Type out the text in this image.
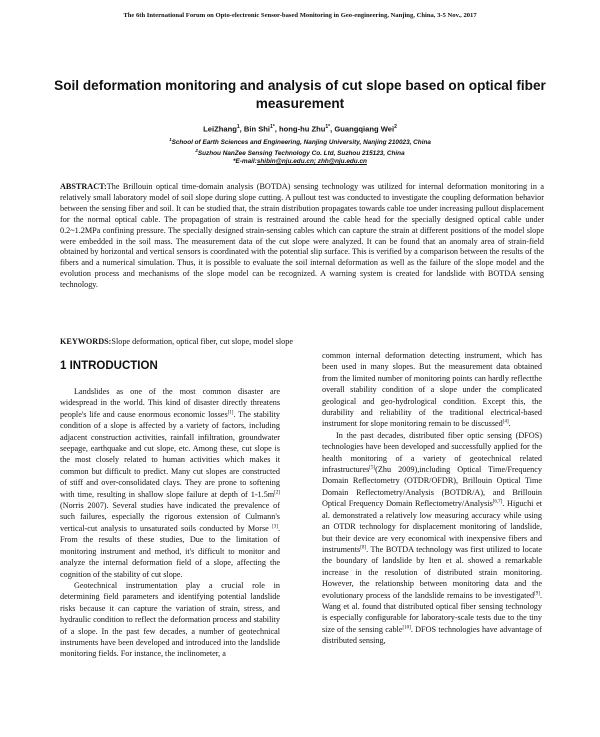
The 6th International Forum on Opto-electronic Sensor-based Monitoring in Geo-engineering, Nanjing, China, 3-5 Nov., 2017
Soil deformation monitoring and analysis of cut slope based on optical fiber measurement
LeiZhang$^1$, Bin Shi$^{1*}$, hong-hu Zhu$^{1*}$, Guangqiang Wei$^2$
$^1$School of Earth Sciences and Engineering, Nanjing University, Nanjing 210023, China
$^2$Suzhou NanZee Sensing Technology Co. Ltd, Suzhou 215123, China
*E-mail:shibin@nju.edu.cn; zhh@nju.edu.cn

ABSTRACT:The Brillouin optical time-domain analysis (BOTDA) sensing technology was utilized for internal deformation monitoring in a relatively small laboratory model of soil slope during slope cutting. A pullout test was conducted to investigate the coupling deformation behavior between the sensing fiber and soil. It can be studied that, the strain distribution propagates towards cable toe under increasing pullout displacement for the normal optical cable. The propagation of strain is restrained around the cable head for the specially designed optical cable under 0.2~1.2MPa confining pressure. The specially designed strain-sensing cables which can capture the strain at different positions of the model slope were embedded in the soil mass. The measurement data of the cut slope were analyzed. It can be found that an anomaly area of strain-field obtained by horizontal and vertical sensors is coordinated with the potential slip surface. This is verified by a comparison between the results of the fibers and a numerical simulation. Thus, it is possible to evaluate the soil internal deformation as well as the failure of the slope model and the evolution process and mechanisms of the slope model can be recognized. A warning system is created for landslide with BOTDA sensing technology.

KEYWORDS:Slope deformation, optical fiber, cut slope, model slope

1 INTRODUCTION

Landslides as one of the most common disaster are widespread in the world. This kind of disaster directly threatens people's life and cause enormous economic losses[1]. The stability condition of a slope is affected by a variety of factors, including adjacent construction activities, rainfall infiltration, groundwater seepage, earthquake and cut slope, etc. Among these, cut slope is the most closely related to human activities which makes it common but difficult to predict. Many cut slopes are constructed of stiff and over-consolidated clays. They are prone to softening with time, resulting in shallow slope failure at depth of 1-1.5m[2] (Norris 2007). Several studies have indicated the prevalence of such failures, especially the rigorous extension of Culmann's vertical-cut analysis to unsaturated soils conducted by Morse [3]. From the results of these studies, Due to the limitation of monitoring instrument and method, it's difficult to monitor and analyze the internal deformation field of a slope, affecting the cognition of the stability of cut slope.

Geotechnical instrumentation play a crucial role in determining field parameters and identifying potential landslide risks because it can capture the variation of strain, stress, and hydraulic condition to reflect the deformation process and stability of a slope. In the past few decades, a number of geotechnical instruments have been developed and introduced into the landslide monitoring fields. For instance, the inclinometer, a

common internal deformation detecting instrument, which has been used in many slopes. But the measurement data obtained from the limited number of monitoring points can hardly reflectthe overall stability condition of a slope under the complicated geological and geo-hydrological condition. Except this, the durability and reliability of the traditional electrical-based instrument for slope monitoring remain to be discussed[4].

In the past decades, distributed fiber optic sensing (DFOS) technologies have been developed and successfully applied for the health monitoring of a variety of geotechnical related infrastructures[5](Zhu 2009),including Optical Time/Frequency Domain Reflectometry (OTDR/OFDR), Brillouin Optical Time Domain Reflectometry/Analysis (BOTDR/A), and Brillouin Optical Frequency Domain Reflectometry/Analysis[6,7]. Higuchi et al. demonstrated a relatively low measuring accuracy while using an OTDR technology for displacement monitoring of landslide, but their device are very economical with inexpensive fibers and instruments[8]. The BOTDA technology was first utilized to locate the boundary of landslide by Iten et al. showed a remarkable increase in the resolution of distributed strain monitoring. However, the relationship between monitoring data and the evolutionary process of the landslide remains to be investigated[9]. Wang et al. found that distributed optical fiber sensing technology is especially configurable for laboratory-scale tests due to the tiny size of the sensing cable[10]. DFOS technologies have advantage of distributed sensing,
